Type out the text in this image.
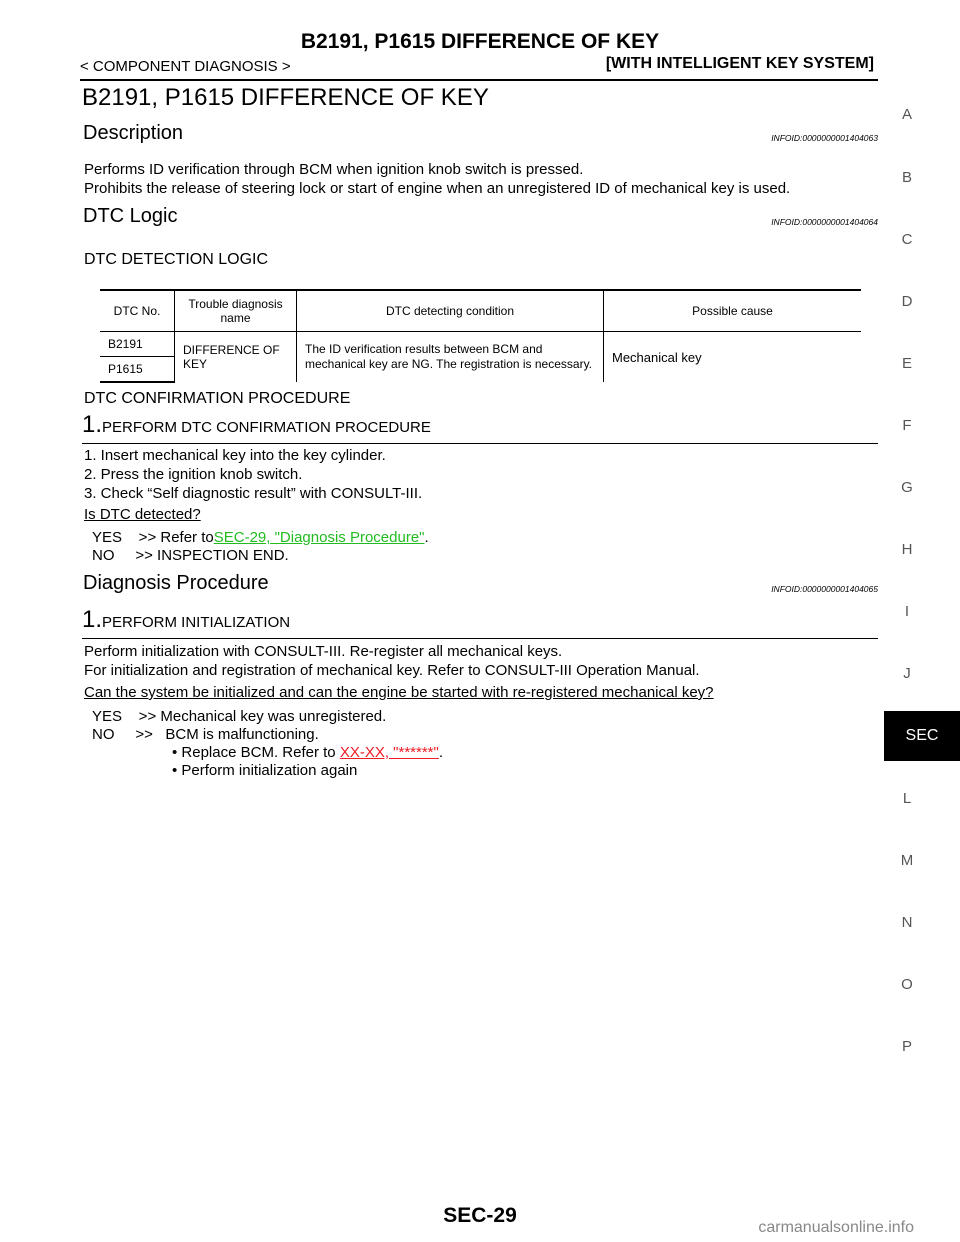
B2191, P1615 DIFFERENCE OF KEY
< COMPONENT DIAGNOSIS >	[WITH INTELLIGENT KEY SYSTEM]
B2191, P1615 DIFFERENCE OF KEY
Description	INFOID:0000000001404063
Performs ID verification through BCM when ignition knob switch is pressed.
Prohibits the release of steering lock or start of engine when an unregistered ID of mechanical key is used.
DTC Logic	INFOID:0000000001404064
DTC DETECTION LOGIC
DTC No.	Trouble diagnosis name	DTC detecting condition	Possible cause
B2191	DIFFERENCE OF KEY	The ID verification results between BCM and mechanical key are NG. The registration is necessary.	Mechanical key
P1615			
DTC CONFIRMATION PROCEDURE
1. PERFORM DTC CONFIRMATION PROCEDURE
1. Insert mechanical key into the key cylinder.
2. Press the ignition knob switch.
3. Check “Self diagnostic result” with CONSULT-III.
Is DTC detected?
YES    >> Refer toSEC-29, "Diagnosis Procedure".
NO     >> INSPECTION END.
Diagnosis Procedure	INFOID:0000000001404065
1. PERFORM INITIALIZATION
Perform initialization with CONSULT-III. Re-register all mechanical keys.
For initialization and registration of mechanical key. Refer to CONSULT-III Operation Manual.
Can the system be initialized and can the engine be started with re-registered mechanical key?
YES    >> Mechanical key was unregistered.
NO     >>   BCM is malfunctioning.
• Replace BCM. Refer to XX-XX, "******".
• Perform initialization again
A
B
C
D
E
F
G
H
I
J
SEC
L
M
N
O
P
SEC-29
carmanualsonline.info
